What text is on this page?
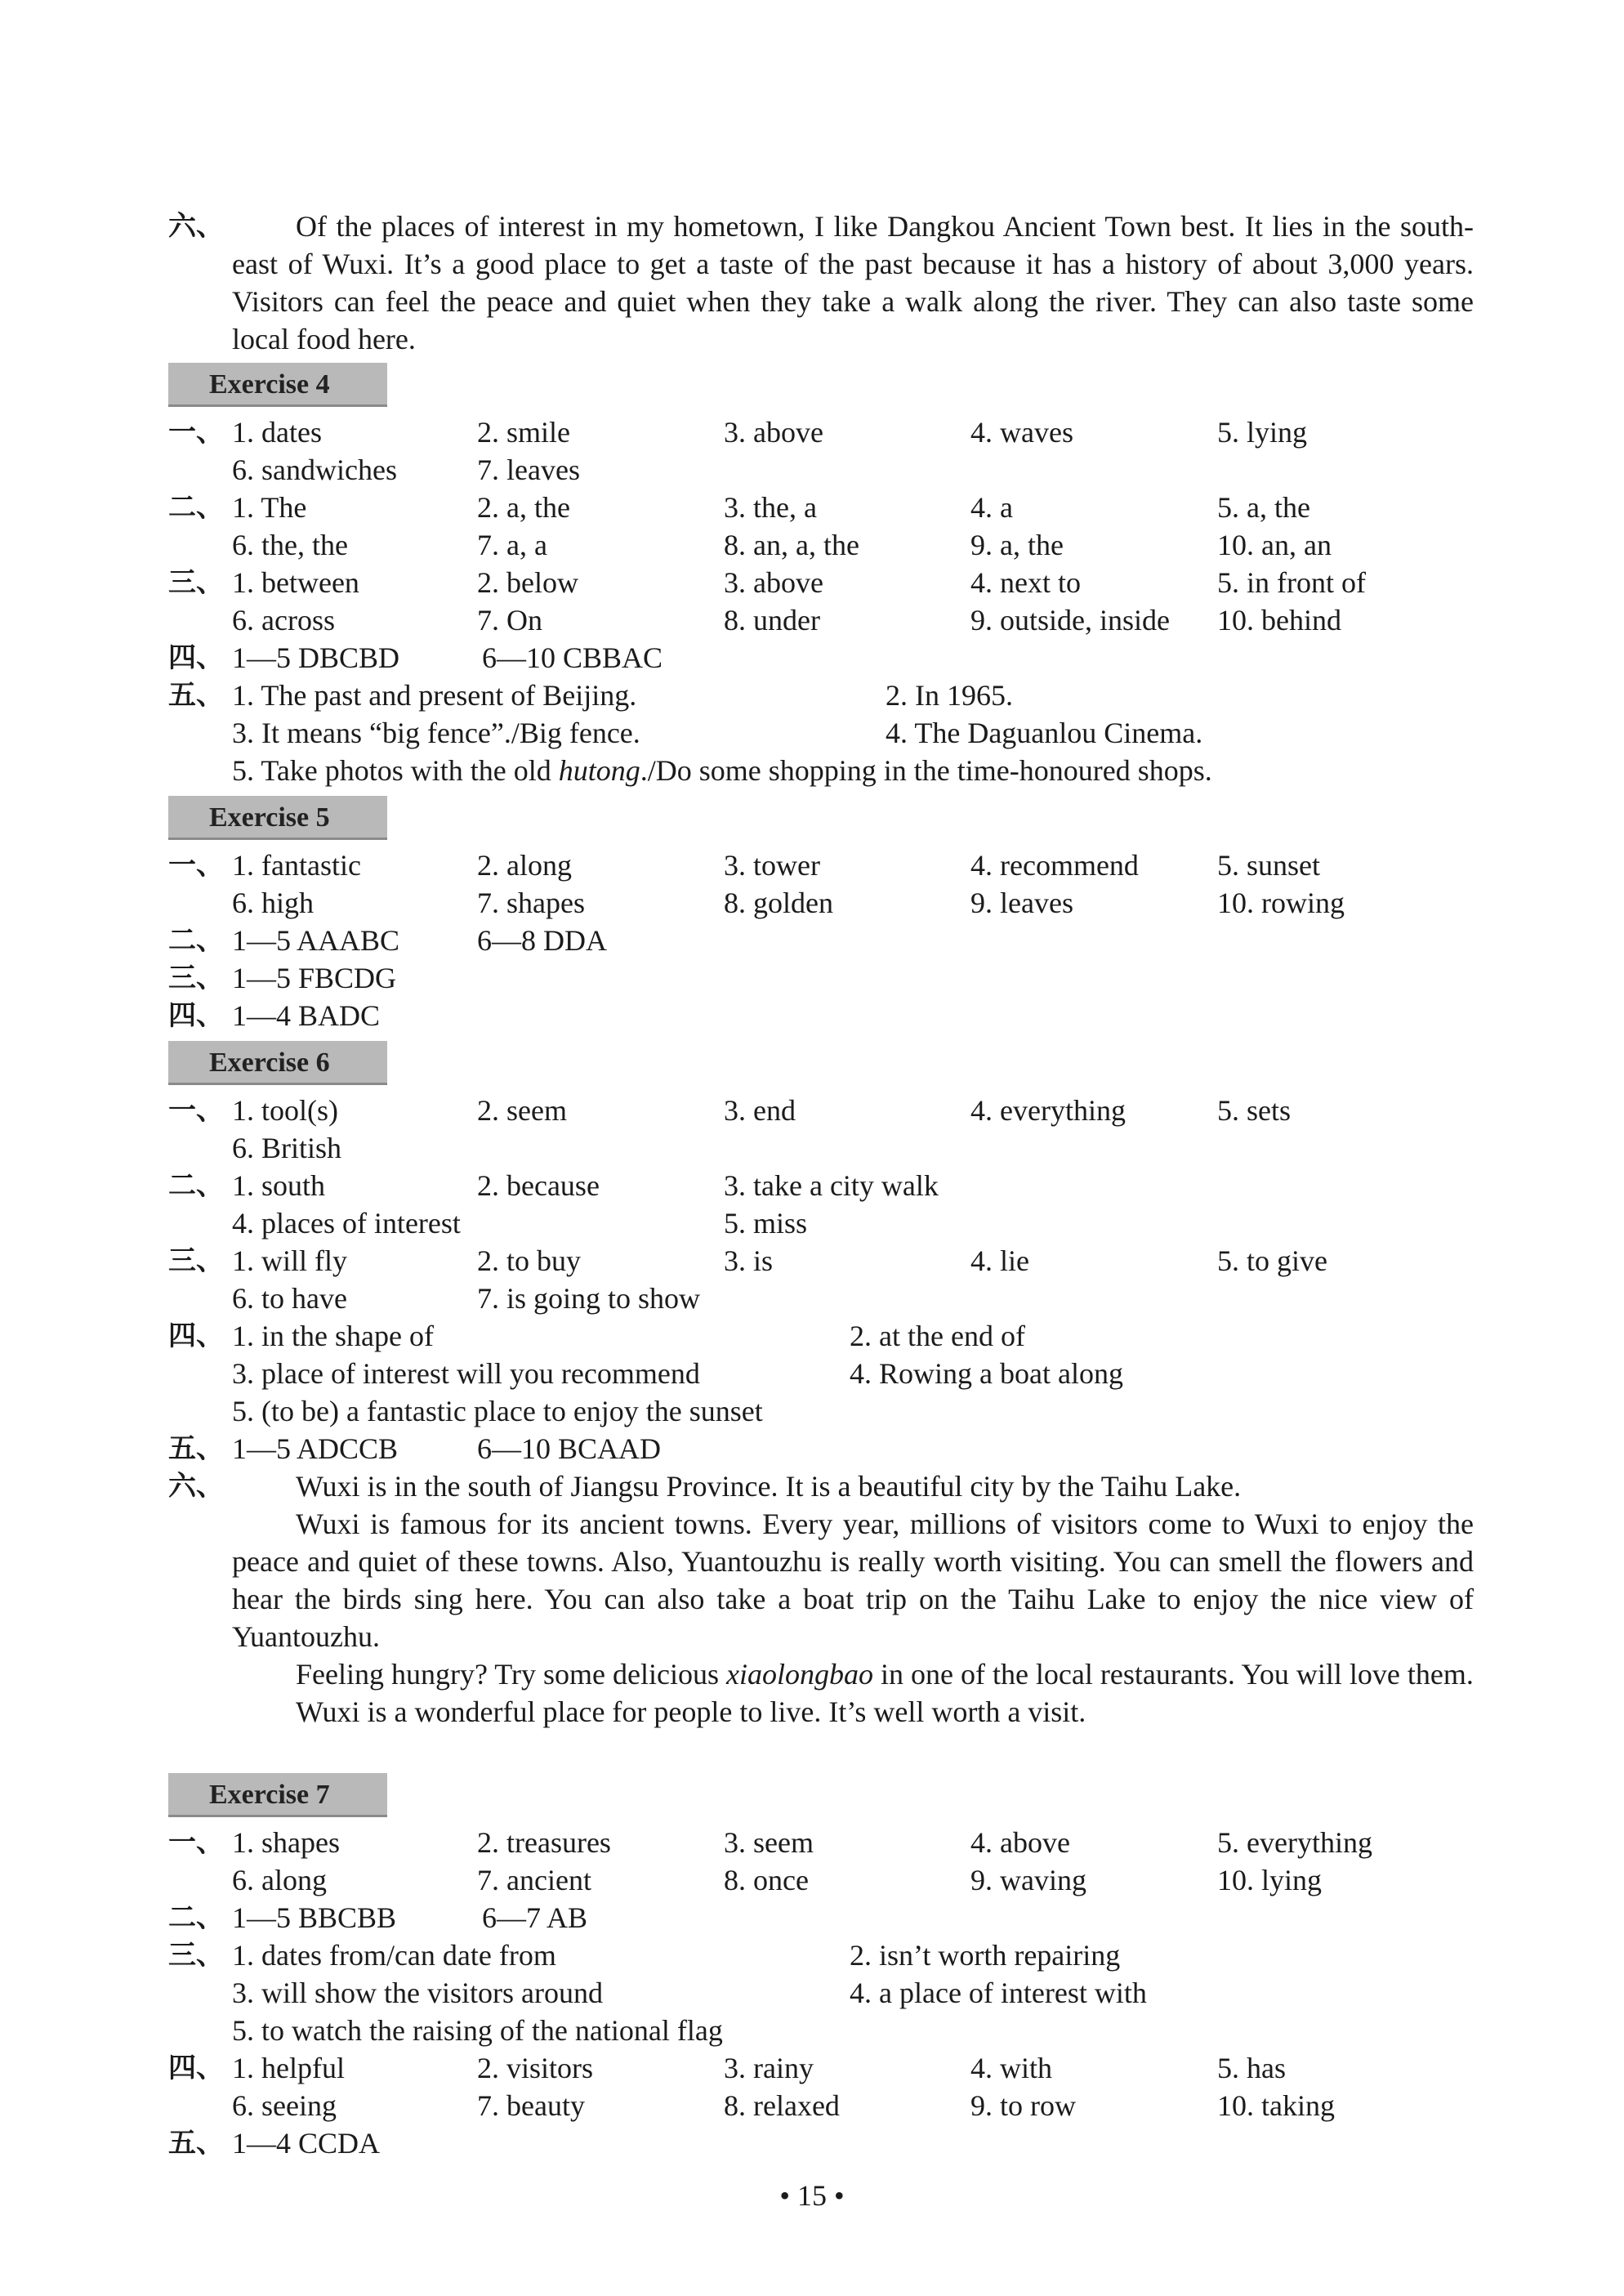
六、	Of the places of interest in my hometown, I like Dangkou Ancient Town best. It lies in the south-east of Wuxi. It’s a good place to get a taste of the past because it has a history of about 3,000 years. Visitors can feel the peace and quiet when they take a walk along the river. They can also taste some local food here.
Exercise 4
一、 1. dates	2. smile	3. above	4. waves	5. lying
6. sandwiches	7. leaves
二、 1. The	2. a, the	3. the, a	4. a	5. a, the
6. the, the	7. a, a	8. an, a, the	9. a, the	10. an, an
三、 1. between	2. below	3. above	4. next to	5. in front of
6. across	7. On	8. under	9. outside, inside 10. behind
四、 1—5 DBCBD	6—10 CBBAC
五、 1. The past and present of Beijing.	2. In 1965.
3. It means “big fence”./Big fence.	4. The Daguanlou Cinema.
5. Take photos with the old hutong./Do some shopping in the time-honoured shops.
Exercise 5
一、 1. fantastic	2. along	3. tower	4. recommend	5. sunset
6. high	7. shapes	8. golden	9. leaves	10. rowing
二、 1—5 AAABC	6—8 DDA
三、 1—5 FBCDG
四、 1—4 BADC
Exercise 6
一、 1. tool(s)	2. seem	3. end	4. everything	5. sets
6. British
二、 1. south	2. because	3. take a city walk
4. places of interest	5. miss
三、 1. will fly	2. to buy	3. is	4. lie	5. to give
6. to have	7. is going to show
四、 1. in the shape of	2. at the end of
3. place of interest will you recommend	4. Rowing a boat along
5. (to be) a fantastic place to enjoy the sunset
五、 1—5 ADCCB	6—10 BCAAD
六、	Wuxi is in the south of Jiangsu Province. It is a beautiful city by the Taihu Lake.

Wuxi is famous for its ancient towns. Every year, millions of visitors come to Wuxi to enjoy the peace and quiet of these towns. Also, Yuantouzhu is really worth visiting. You can smell the flowers and hear the birds sing here. You can also take a boat trip on the Taihu Lake to enjoy the nice view of Yuantouzhu.

Feeling hungry? Try some delicious xiaolongbao in one of the local restaurants. You will love them.

Wuxi is a wonderful place for people to live. It’s well worth a visit.

Exercise 7
一、 1. shapes	2. treasures	3. seem	4. above	5. everything
6. along	7. ancient	8. once	9. waving	10. lying
二、 1—5 BBCBB	6—7 AB
三、 1. dates from/can date from	2. isn’t worth repairing
3. will show the visitors around	4. a place of interest with
5. to watch the raising of the national flag
四、 1. helpful	2. visitors	3. rainy	4. with	5. has
6. seeing	7. beauty	8. relaxed	9. to row	10. taking
五、 1—4 CCDA
• 15 •
